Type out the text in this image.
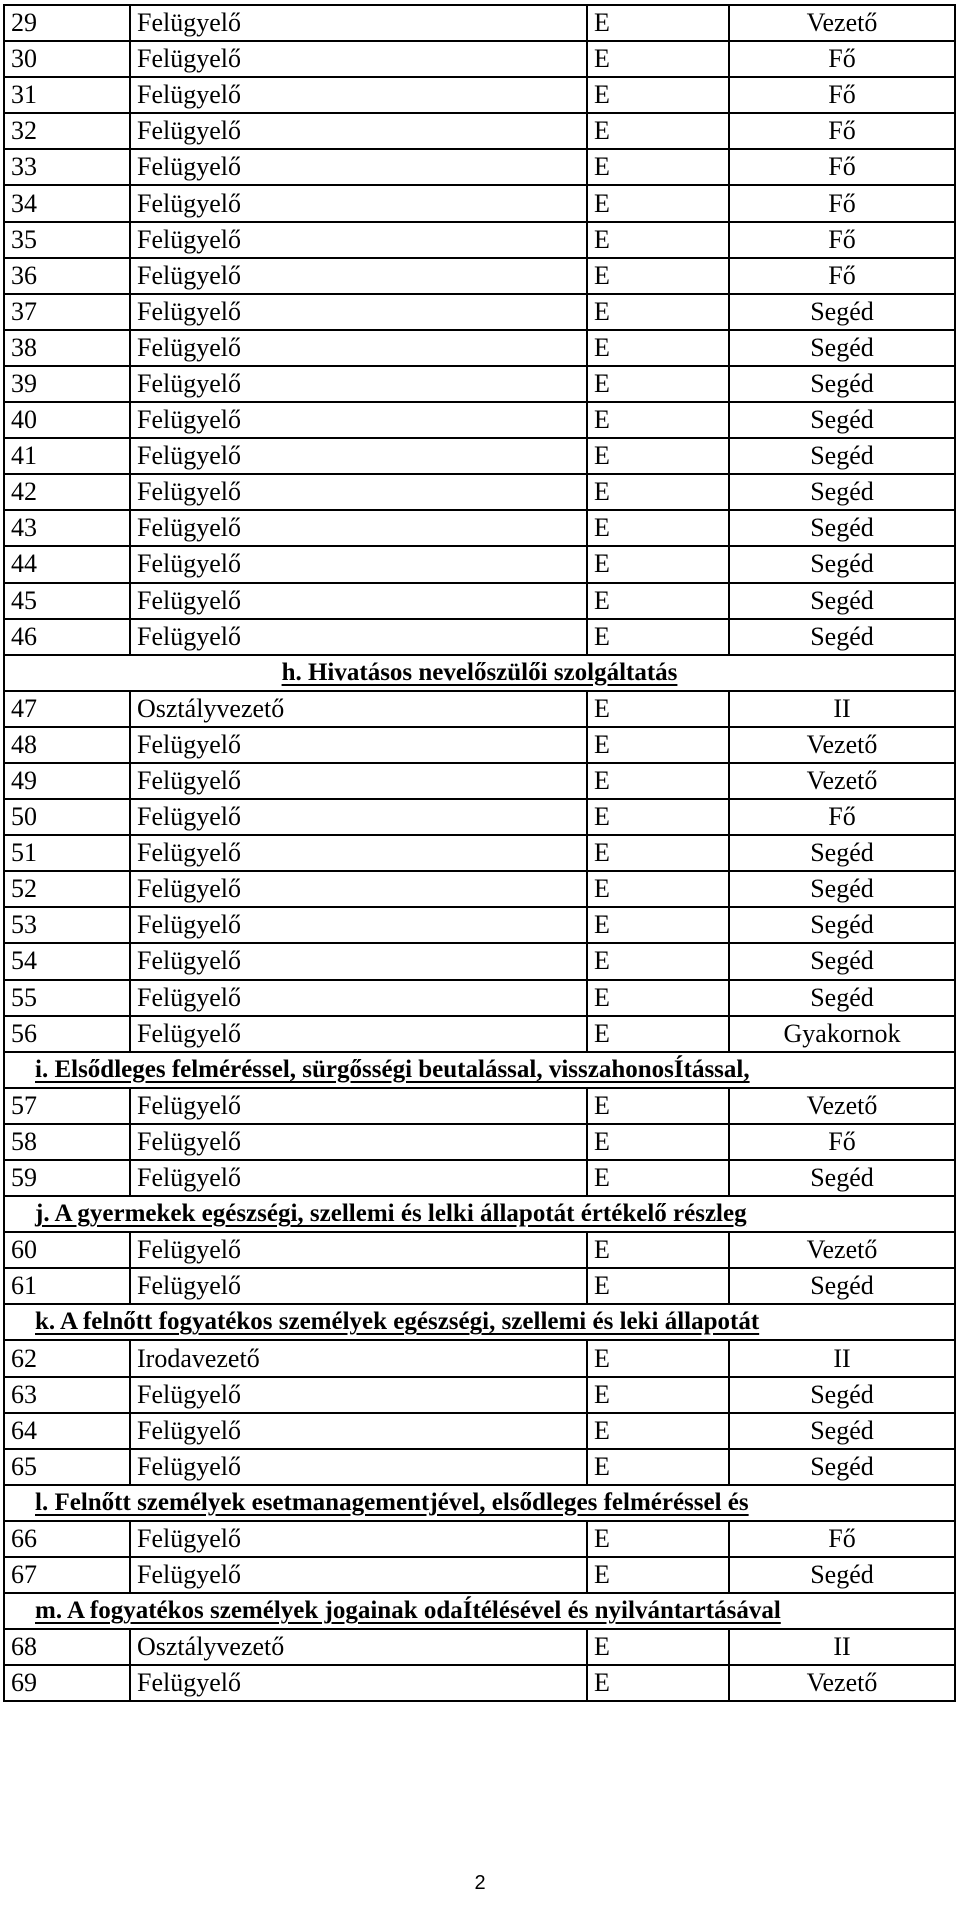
29	Felügyelő	E	Vezető
30	Felügyelő	E	Fő
31	Felügyelő	E	Fő
32	Felügyelő	E	Fő
33	Felügyelő	E	Fő
34	Felügyelő	E	Fő
35	Felügyelő	E	Fő
36	Felügyelő	E	Fő
37	Felügyelő	E	Segéd
38	Felügyelő	E	Segéd
39	Felügyelő	E	Segéd
40	Felügyelő	E	Segéd
41	Felügyelő	E	Segéd
42	Felügyelő	E	Segéd
43	Felügyelő	E	Segéd
44	Felügyelő	E	Segéd
45	Felügyelő	E	Segéd
46	Felügyelő	E	Segéd
h. Hivatásos nevelőszülői szolgáltatás			
47	Osztályvezető	E	II
48	Felügyelő	E	Vezető
49	Felügyelő	E	Vezető
50	Felügyelő	E	Fő
51	Felügyelő	E	Segéd
52	Felügyelő	E	Segéd
53	Felügyelő	E	Segéd
54	Felügyelő	E	Segéd
55	Felügyelő	E	Segéd
56	Felügyelő	E	Gyakornok
i. Elsődleges felméréssel, sürgősségi beutalással, visszahonosÍtással,			
57	Felügyelő	E	Vezető
58	Felügyelő	E	Fő
59	Felügyelő	E	Segéd
j. A gyermekek egészségi, szellemi és lelki állapotát értékelő részleg			
60	Felügyelő	E	Vezető
61	Felügyelő	E	Segéd
k. A felnőtt fogyatékos személyek egészségi, szellemi és leki állapotát			
62	Irodavezető	E	II
63	Felügyelő	E	Segéd
64	Felügyelő	E	Segéd
65	Felügyelő	E	Segéd
l. Felnőtt személyek esetmanagementjével, elsődleges felméréssel és			
66	Felügyelő	E	Fő
67	Felügyelő	E	Segéd
m. A fogyatékos személyek jogainak odaÍtélésével és nyilvántartásával			
68	Osztályvezető	E	II
69	Felügyelő	E	Vezető
2
